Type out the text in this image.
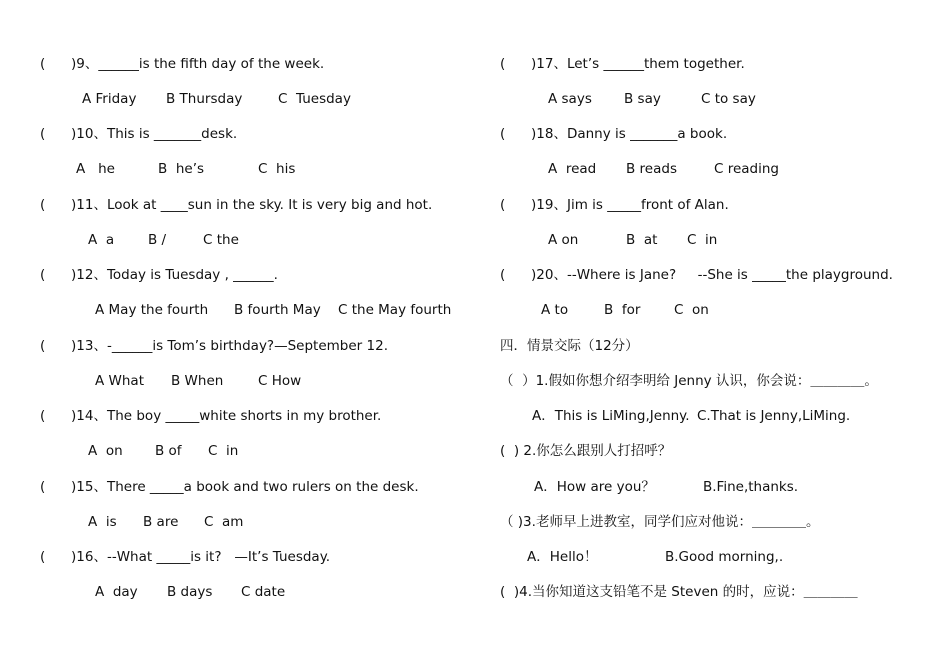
(      )9、______is the fifth day of the week.
A Friday B Thursday	C  Tuesday
(      )10、This is _______desk.
A   he	B  he’s	C  his
(      )11、Look at ____sun in the sky. It is very big and hot.
A  a	B /	C the
(      )12、Today is Tuesday , ______.
A May the fourth B fourth May C the May fourth
(      )13、-______is Tom’s birthday?—September 12.
A What B When	C How
(      )14、The boy _____white shorts in my brother.
A  on B of C  in
(      )15、There _____a book and two rulers on the desk.
A  is B are C  am
(      )16、--What _____is it?   —It’s Tuesday.
A  day B days C date
(      )17、Let’s ______them together.
A says B say	C to say
(      )18、Danny is _______a book.
A  read B reads	C reading
(      )19、Jim is _____front of Alan.
A on	B  at C  in
(      )20、--Where is Jane?     --She is _____the playground.
A to	B  for C  on
四．情景交际（12分）
（  ）1.假如你想介绍李明给 Jenny 认识，你会说：＿＿＿＿。
A．This is LiMing,Jenny. C.That is Jenny,LiMing.
(  ) 2.你怎么跟别人打招呼？
A．How are you？	B.Fine,thanks.
（ )3.老师早上进教室，同学们应对他说：＿＿＿＿。
A．Hello！	B.Good morning,.
(  )4.当你知道这支铅笔不是 Steven 的时，应说：＿＿＿＿
